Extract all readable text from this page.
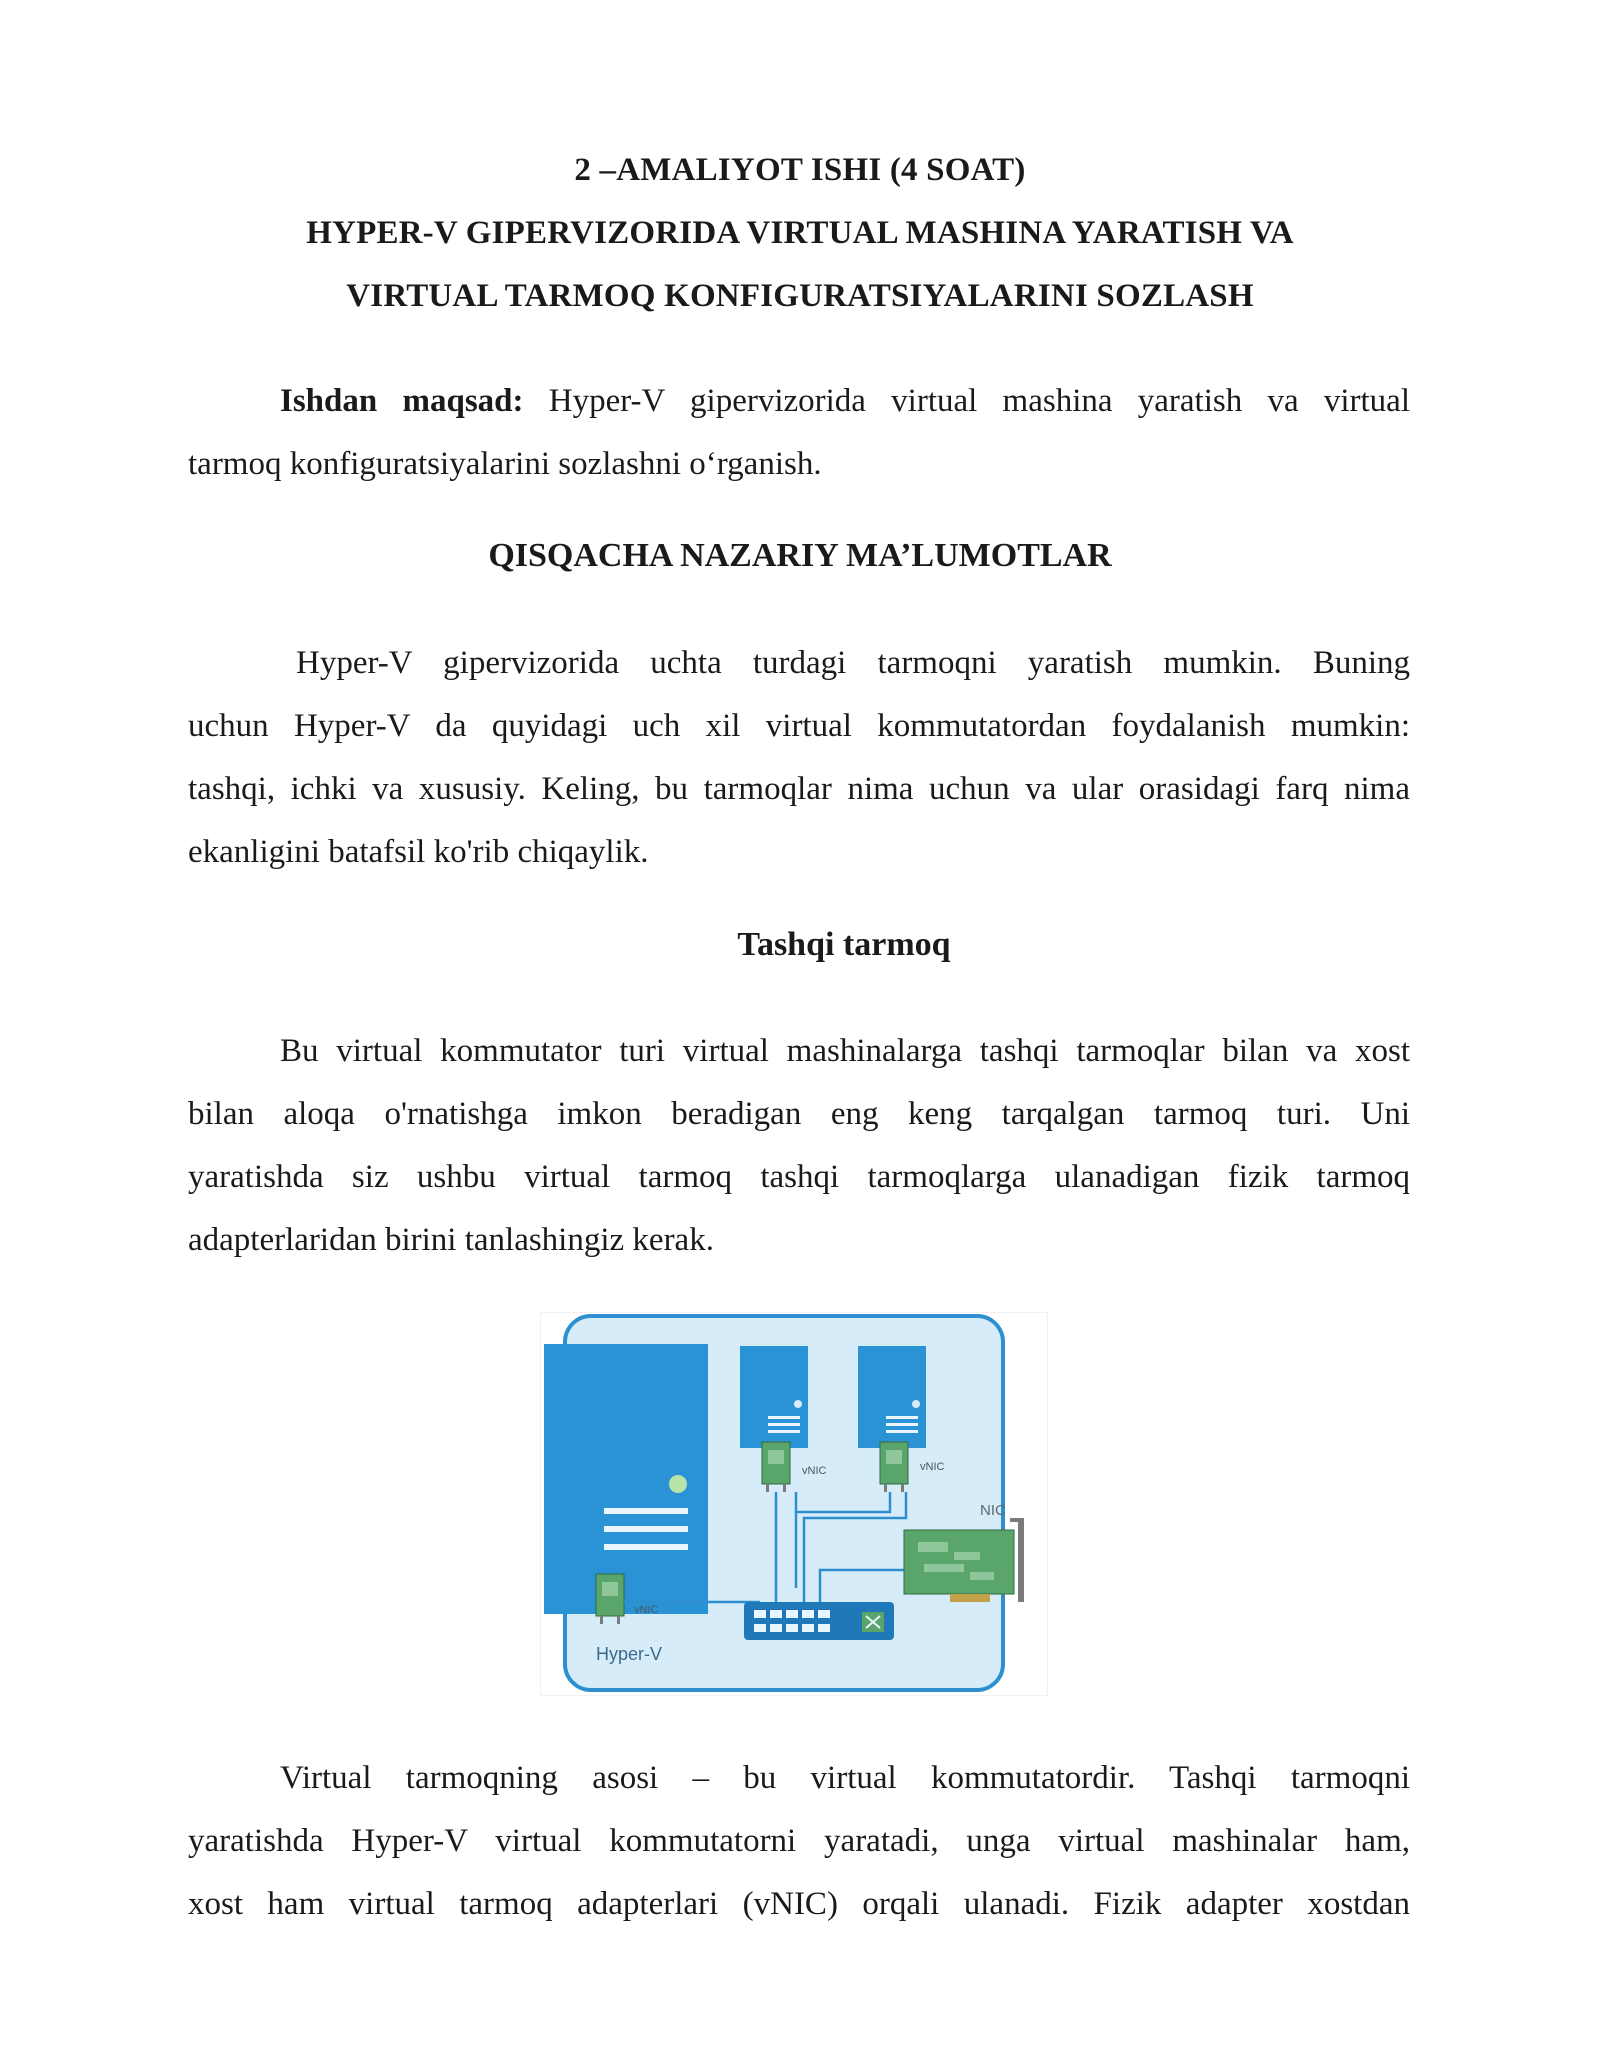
2 –AMALIYOT ISHI (4 SOAT)
HYPER-V GIPERVIZORIDA VIRTUAL MASHINA YARATISH VA
VIRTUAL TARMOQ KONFIGURATSIYALARINI SOZLASH
Ishdan maqsad: Hyper-V gipervizorida virtual mashina yaratish va virtual
tarmoq konfiguratsiyalarini sozlashni o‘rganish.
QISQACHA NAZARIY MA’LUMOTLAR
Hyper-V gipervizorida uchta turdagi tarmoqni yaratish mumkin. Buning
uchun Hyper-V da quyidagi uch xil virtual kommutatordan foydalanish mumkin:
tashqi, ichki va xususiy. Keling, bu tarmoqlar nima uchun va ular orasidagi farq nima
ekanligini batafsil ko'rib chiqaylik.
Tashqi tarmoq
Bu virtual kommutator turi virtual mashinalarga tashqi tarmoqlar bilan va xost
bilan aloqa o'rnatishga imkon beradigan eng keng tarqalgan tarmoq turi. Uni
yaratishda siz ushbu virtual tarmoq tashqi tarmoqlarga ulanadigan fizik tarmoq
adapterlaridan birini tanlashingiz kerak.
vNIC	vNIC
vNIC
NIC
Hyper-V
Virtual tarmoqning asosi – bu virtual kommutatordir. Tashqi tarmoqni
yaratishda Hyper-V virtual kommutatorni yaratadi, unga virtual mashinalar ham,
xost ham virtual tarmoq adapterlari (vNIC) orqali ulanadi. Fizik adapter xostdan
